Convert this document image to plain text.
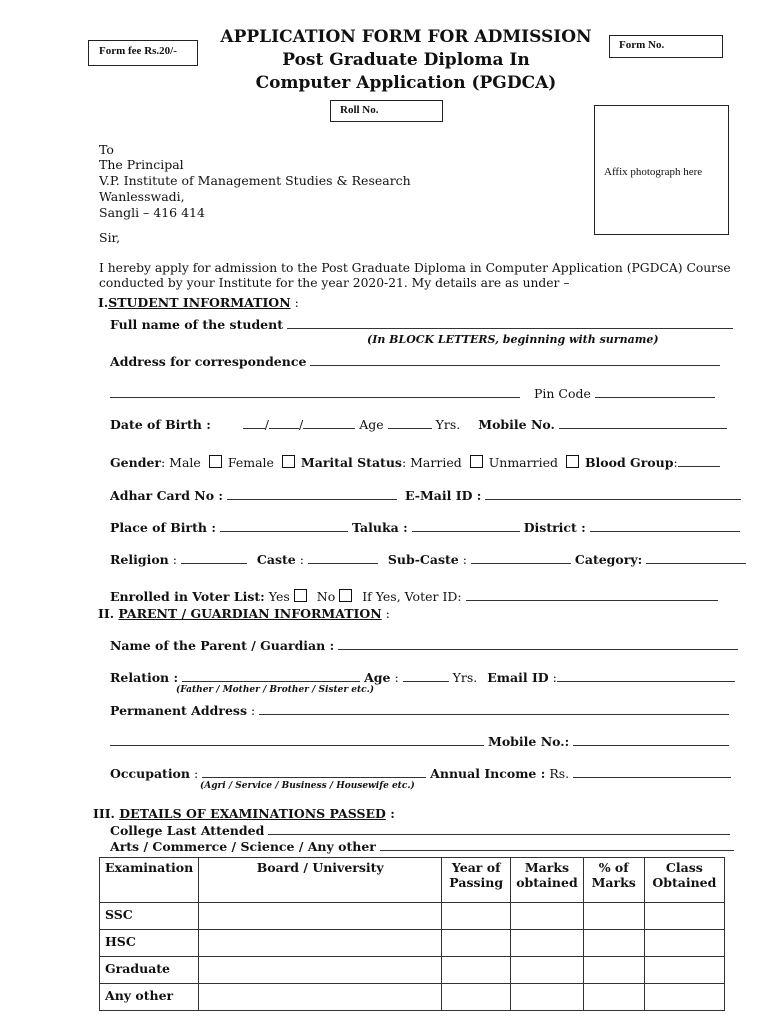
Form fee Rs.20/-	Form No.
APPLICATION FORM FOR ADMISSION
Post Graduate Diploma In
Computer Application (PGDCA)
Roll No.
Affix photograph here
To
The Principal
V.P. Institute of Management Studies & Research
Wanlesswadi,
Sangli – 416 414
Sir,
I hereby apply for admission to the Post Graduate Diploma in Computer Application (PGDCA) Course
conducted by your Institute for the year 2020-21. My details are as under –
I.STUDENT INFORMATION :
Full name of the student
(In BLOCK LETTERS, beginning with surname)
Address for correspondence
Pin Code
Date of Birth :	/ /	Age	Yrs. Mobile No.
Gender: Male Female Marital Status: Married Unmarried Blood Group:
Adhar Card No :	E-Mail ID :
Place of Birth :	Taluka :	District :
Religion :	Caste :	Sub-Caste :	Category:
Enrolled in Voter List: Yes No If Yes, Voter ID:
II. PARENT / GUARDIAN INFORMATION :
Name of the Parent / Guardian :
Relation :	Age :	Yrs. Email ID :
(Father / Mother / Brother / Sister etc.)
Permanent Address :
Mobile No.:
Occupation :	Annual Income : Rs.
(Agri / Service / Business / Housewife etc.)
III. DETAILS OF EXAMINATIONS PASSED :
College Last Attended
Arts / Commerce / Science / Any other
Examination	Board / University	Year of Passing	Marks obtained	% of Marks	Class Obtained
SSC					
HSC					
Graduate					
Any other					
